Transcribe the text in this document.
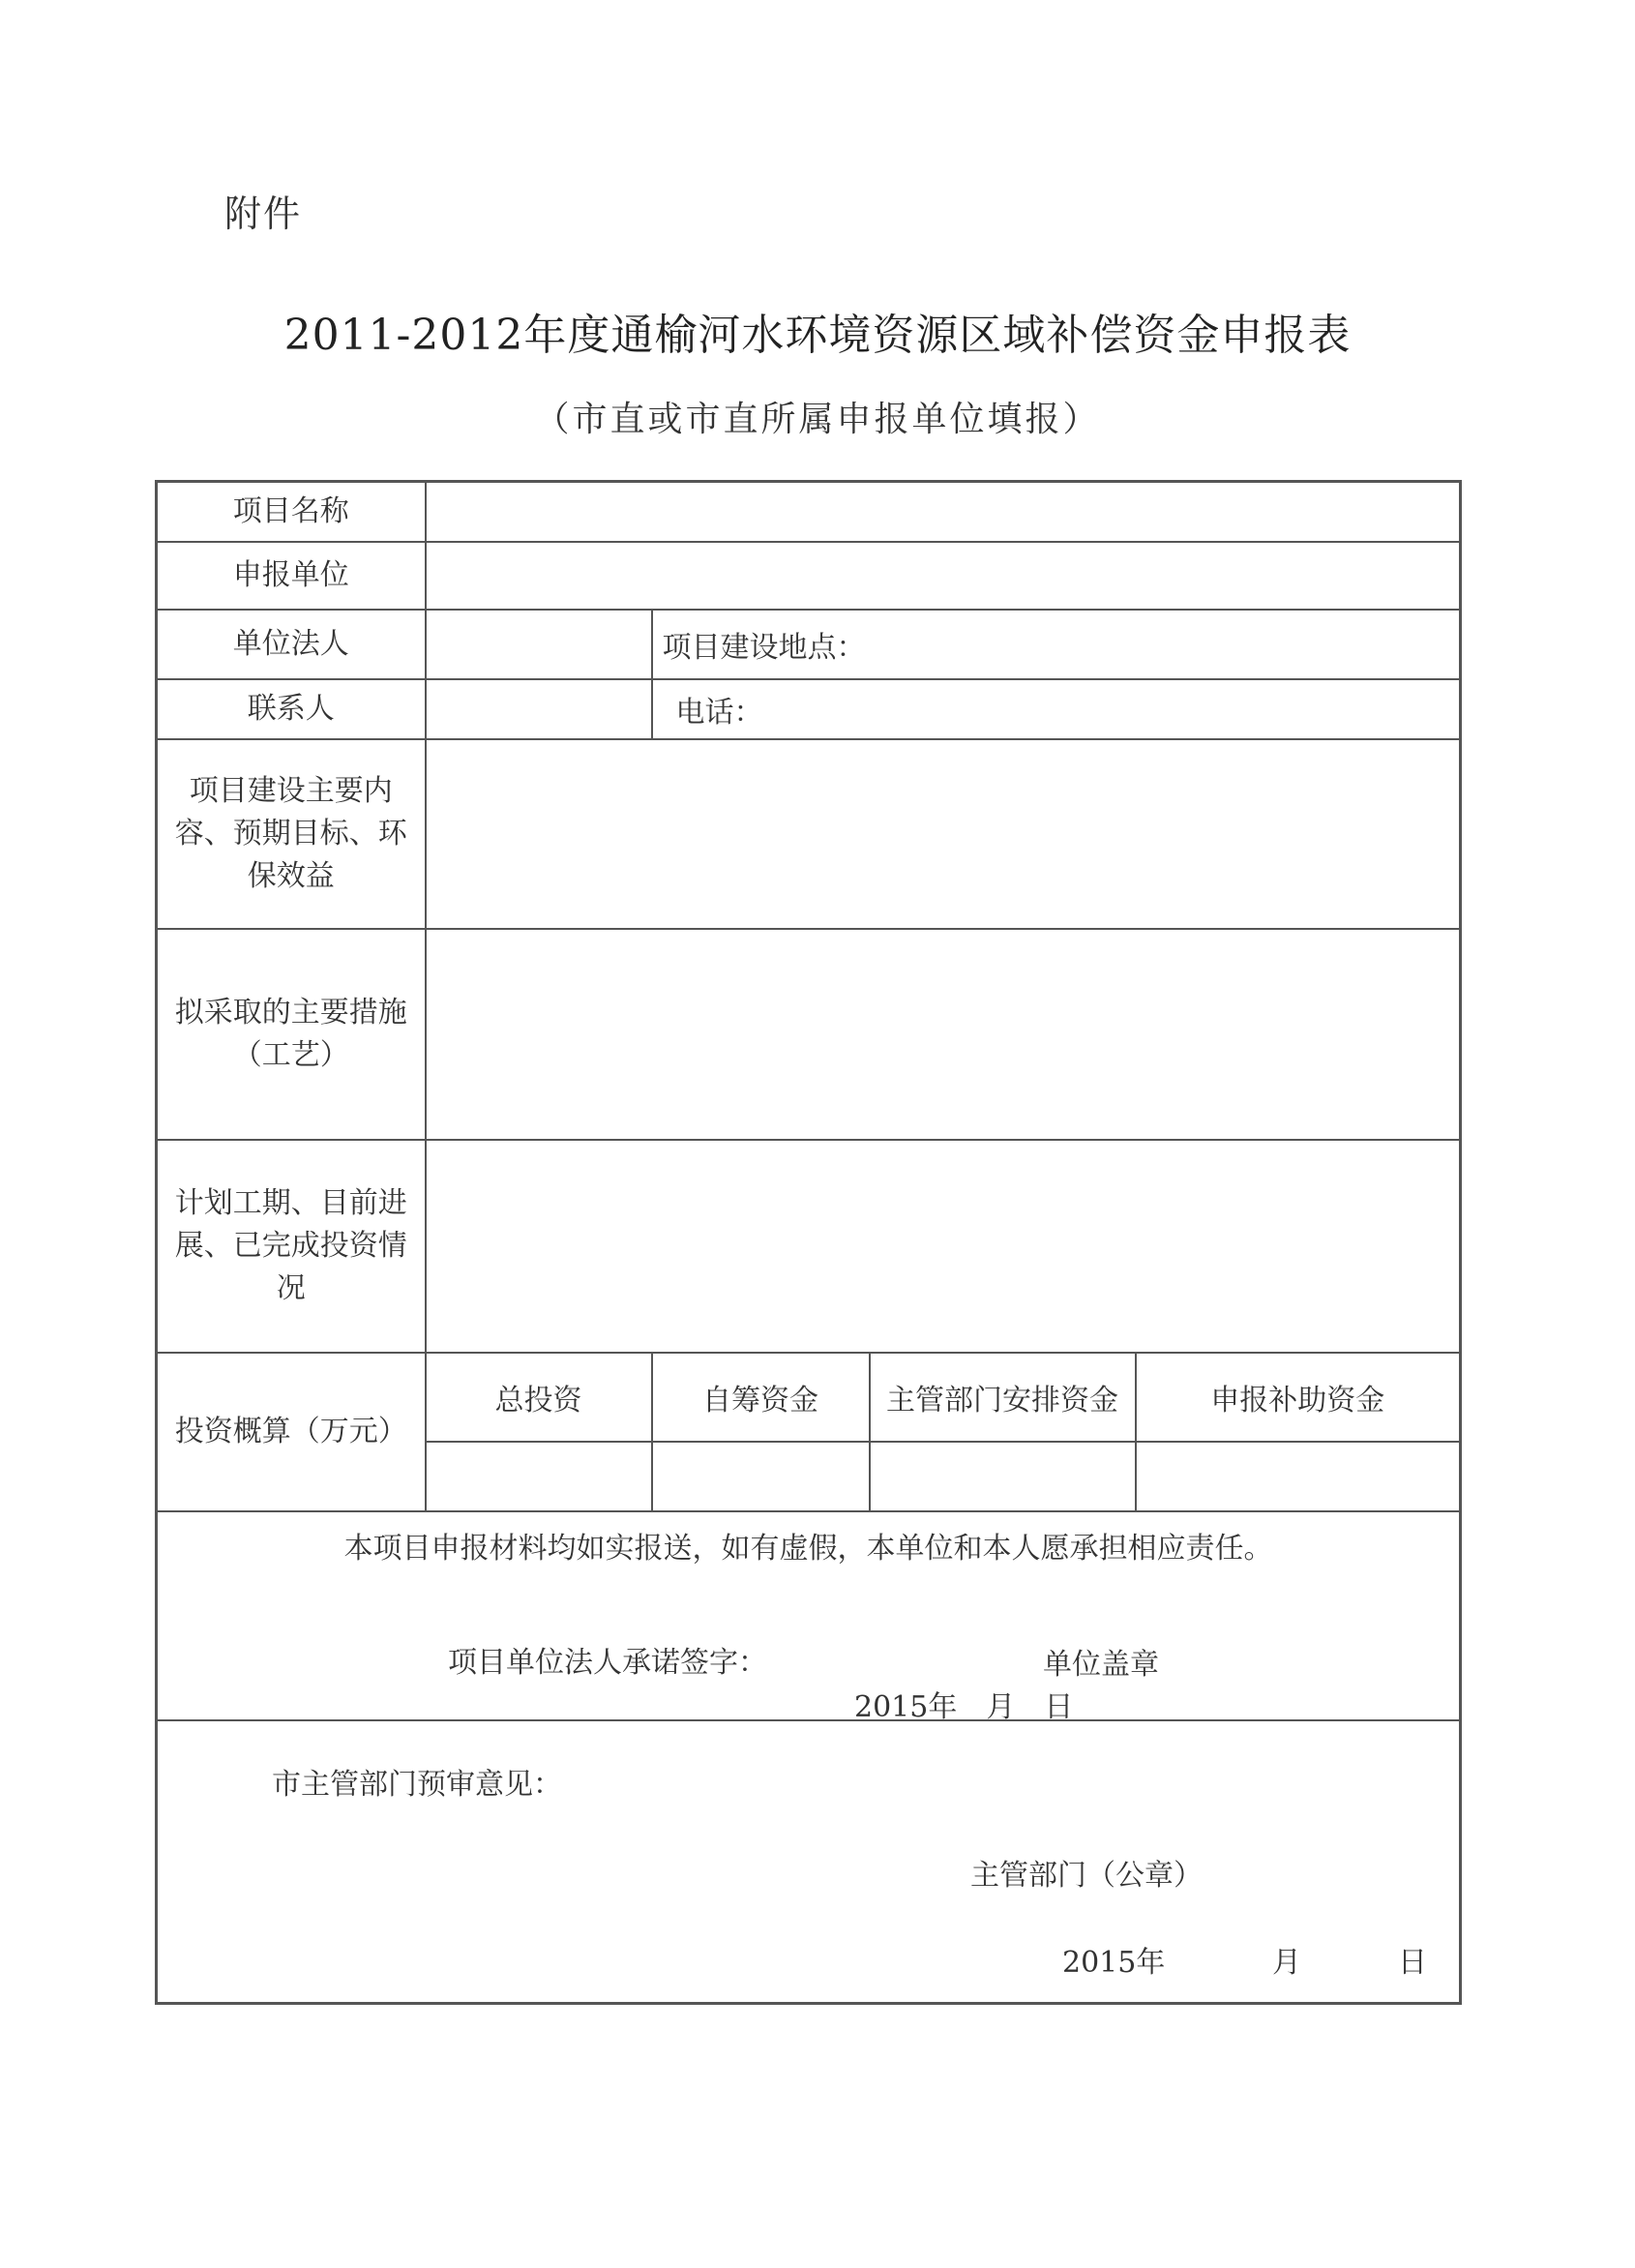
附件
2011-2012年度通榆河水环境资源区域补偿资金申报表
（市直或市直所属申报单位填报）
项目名称				
申报单位				
单位法人		项目建设地点：		
联系人		电话：		
项目建设主要内容、预期目标、环保效益				
拟采取的主要措施（工艺）				
计划工期、目前进展、已完成投资情况				
投资概算（万元）	总投资	自筹资金	主管部门安排资金	申报补助资金

本项目申报材料均如实报送，如有虚假，本单位和本人愿承担相应责任。
项目单位法人承诺签字： 单位盖章
2015年　月　日				

市主管部门预审意见：
主管部门（公章）
2015年 月 日				
